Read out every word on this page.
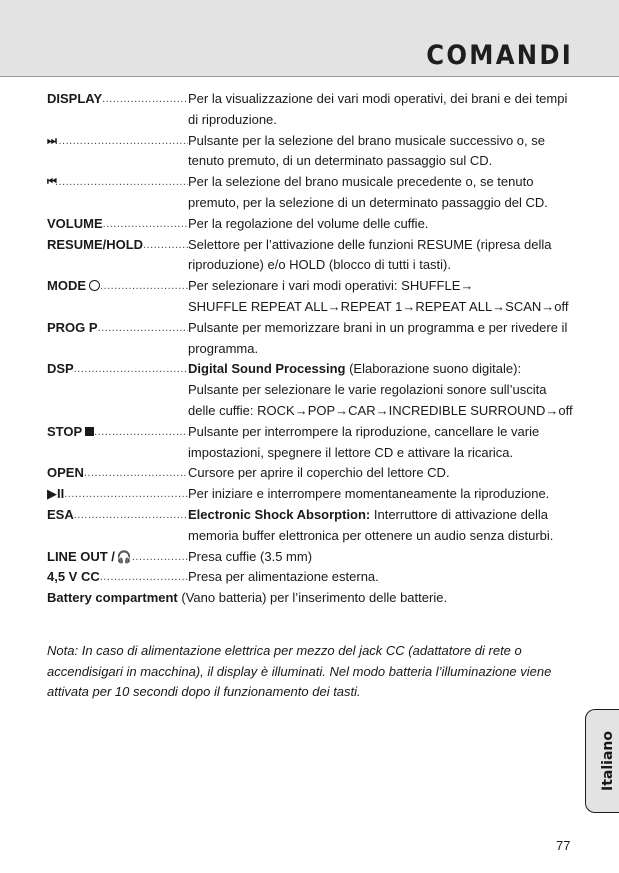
COMANDI
DISPLAY .....	Per la visualizzazione dei vari modi operativi, dei brani e dei tempi di riproduzione.
⏭ .....	Pulsante per la selezione del brano musicale successivo o, se tenuto premuto, di un determinato passaggio sul CD.
⏮ .....	Per la selezione del brano musicale precedente o, se tenuto premuto, per la selezione di un determinato passaggio del CD.
VOLUME .....	Per la regolazione del volume delle cuffie.
RESUME/HOLD .....	Selettore per l’attivazione delle funzioni RESUME (ripresa della riproduzione) e/o HOLD (blocco di tutti i tasti).
MODE .....	Per selezionare i vari modi operativi: SHUFFLE→
SHUFFLE REPEAT ALL→REPEAT 1→REPEAT ALL→SCAN→off
PROG P .....	Pulsante per memorizzare brani in un programma e per rivedere il programma.
DSP .....	Digital Sound Processing (Elaborazione suono digitale):
Pulsante per selezionare le varie regolazioni sonore sull’uscita delle cuffie: ROCK→POP→CAR→INCREDIBLE SURROUND→off
STOP .....	Pulsante per interrompere la riproduzione, cancellare le varie impostazioni, spegnere il lettore CD e attivare la ricarica.
OPEN .....	Cursore per aprire il coperchio del lettore CD.
▶II .....	Per iniziare e interrompere momentaneamente la riproduzione.
ESA .....	Electronic Shock Absorption: Interruttore di attivazione della memoria buffer elettronica per ottenere un audio senza disturbi.
LINE OUT / 🎧 .....	Presa cuffie (3.5 mm)
4,5 V CC .....	Presa per alimentazione esterna.
Battery compartment (Vano batteria) per l’inserimento delle batterie.
Nota: In caso di alimentazione elettrica per mezzo del jack CC (adattatore di rete o accendisigari in macchina), il display è illuminati. Nel modo batteria l’illuminazione viene attivata per 10 secondi dopo il funzionamento dei tasti.
Italiano
77
